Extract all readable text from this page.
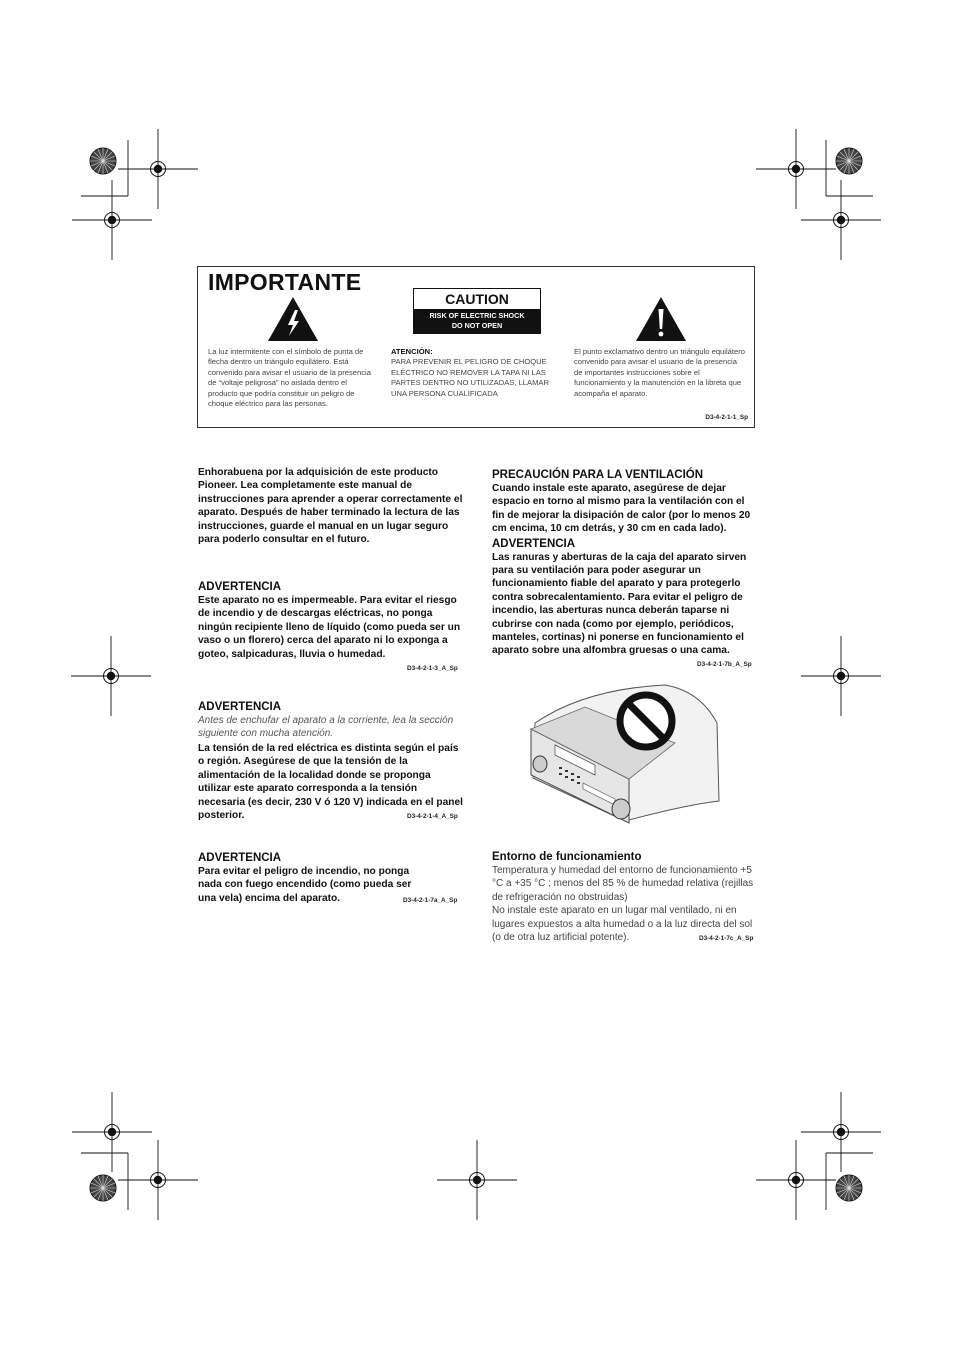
IMPORTANTE
CAUTION
RISK OF ELECTRIC SHOCK
DO NOT OPEN
La luz intermitente con el símbolo de punta de flecha dentro un triángulo equilátero. Está convenido para avisar el usuario de la presencia de “voltaje peligrosa” no aislada dentro el producto que podría constituir un peligro de choque eléctrico para las personas.
ATENCIÓN:
PARA PREVENIR EL PELIGRO DE CHOQUE ELÉCTRICO NO REMOVER LA TAPA NI LAS PARTES DENTRO NO UTILIZADAS, LLAMAR UNA PERSONA CUALIFICADA
El punto exclamativo dentro un triángulo equilátero convenido para avisar el usuario de la presencia de importantes instrucciones sobre el funcionamiento y la manutención en la libreta que acompaña el aparato.
D3-4-2-1-1_Sp
Enhorabuena por la adquisición de este producto Pioneer. Lea completamente este manual de instrucciones para aprender a operar correctamente el aparato. Después de haber terminado la lectura de las instrucciones, guarde el manual en un lugar seguro para poderlo consultar en el futuro.
ADVERTENCIA
Este aparato no es impermeable. Para evitar el riesgo de incendio y de descargas eléctricas, no ponga ningún recipiente lleno de líquido (como pueda ser un vaso o un florero) cerca del aparato ni lo exponga a goteo, salpicaduras, lluvia o humedad.
D3-4-2-1-3_A_Sp
ADVERTENCIA
Antes de enchufar el aparato a la corriente, lea la sección siguiente con mucha atención.
La tensión de la red eléctrica es distinta según el país o región. Asegúrese de que la tensión de la alimentación de la localidad donde se proponga utilizar este aparato corresponda a la tensión necesaria (es decir, 230 V ó 120 V) indicada en el panel posterior.	D3-4-2-1-4_A_Sp
ADVERTENCIA
Para evitar el peligro de incendio, no ponga nada con fuego encendido (como pueda ser una vela) encima del aparato.	D3-4-2-1-7a_A_Sp
PRECAUCIÓN PARA LA VENTILACIÓN
Cuando instale este aparato, asegúrese de dejar espacio en torno al mismo para la ventilación con el fin de mejorar la disipación de calor (por lo menos 20 cm encima, 10 cm detrás, y 30 cm en cada lado).
ADVERTENCIA
Las ranuras y aberturas de la caja del aparato sirven para su ventilación para poder asegurar un funcionamiento fiable del aparato y para protegerlo contra sobrecalentamiento. Para evitar el peligro de incendio, las aberturas nunca deberán taparse ni cubrirse con nada (como por ejemplo, periódicos, manteles, cortinas) ni ponerse en funcionamiento el aparato sobre una alfombra gruesas o una cama.
D3-4-2-1-7b_A_Sp
Entorno de funcionamiento
Temperatura y humedad del entorno de funcionamiento +5 °C a +35 °C ; menos del 85 % de humedad relativa (rejillas de refrigeración no obstruidas)
No instale este aparato en un lugar mal ventilado, ni en lugares expuestos a alta humedad o a la luz directa del sol (o de otra luz artificial potente).	D3-4-2-1-7c_A_Sp
